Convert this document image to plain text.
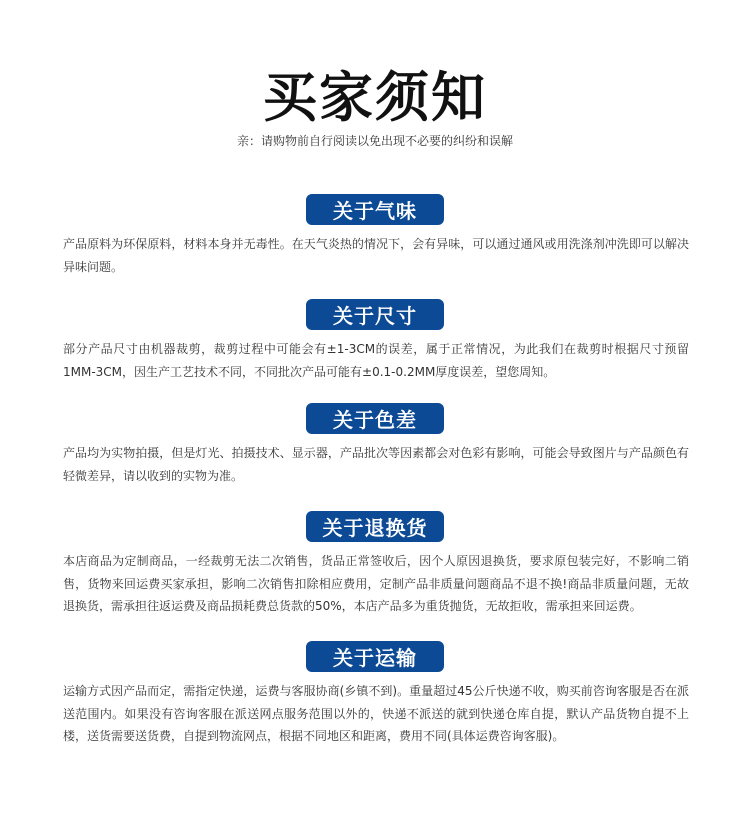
买家须知
亲：请购物前自行阅读以免出现不必要的纠纷和误解
关于气味
产品原料为环保原料，材料本身并无毒性。在天气炎热的情况下，会有异味，可以通过通风或用洗涤剂冲洗即可以解决异味问题。
关于尺寸
部分产品尺寸由机器裁剪，裁剪过程中可能会有±1-3CM的误差，属于正常情况，为此我们在裁剪时根据尺寸预留1MM-3CM，因生产工艺技术不同，不同批次产品可能有±0.1-0.2MM厚度误差，望您周知。
关于色差
产品均为实物拍摄，但是灯光、拍摄技术、显示器，产品批次等因素都会对色彩有影响，可能会导致图片与产品颜色有轻微差异，请以收到的实物为准。
关于退换货
本店商品为定制商品，一经裁剪无法二次销售，货品正常签收后，因个人原因退换货，要求原包装完好，不影响二销售，货物来回运费买家承担，影响二次销售扣除相应费用，定制产品非质量问题商品不退不换!商品非质量问题，无故退换货，需承担往返运费及商品损耗费总货款的50%，本店产品多为重货抛货，无故拒收，需承担来回运费。
关于运输
运输方式因产品而定，需指定快递，运费与客服协商(乡镇不到)。重量超过45公斤快递不收，购买前咨询客服是否在派送范围内。如果没有咨询客服在派送网点服务范围以外的，快递不派送的就到快递仓库自提，默认产品货物自提不上楼，送货需要送货费，自提到物流网点，根据不同地区和距离，费用不同(具体运费咨询客服)。
